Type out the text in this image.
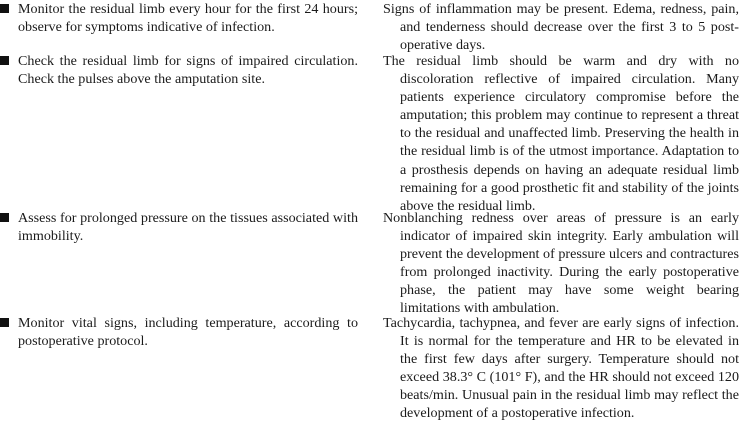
Monitor the residual limb every hour for the first 24 hours; observe for symptoms indicative of infection.

Signs of inflammation may be present. Edema, redness, pain, and tenderness should decrease over the first 3 to 5 post-operative days.

Check the residual limb for signs of impaired circulation. Check the pulses above the amputation site.

The residual limb should be warm and dry with no discoloration reflective of impaired circulation. Many patients experience circulatory compromise before the amputation; this problem may continue to represent a threat to the residual and unaffected limb. Preserving the health in the residual limb is of the utmost importance. Adaptation to a prosthesis depends on having an adequate residual limb remaining for a good prosthetic fit and stability of the joints above the residual limb.

Assess for prolonged pressure on the tissues associated with immobility.

Nonblanching redness over areas of pressure is an early indicator of impaired skin integrity. Early ambulation will prevent the development of pressure ulcers and contractures from prolonged inactivity. During the early postoperative phase, the patient may have some weight bearing limitations with ambulation.

Monitor vital signs, including temperature, according to postoperative protocol.

Tachycardia, tachypnea, and fever are early signs of infection. It is normal for the temperature and HR to be elevated in the first few days after surgery. Temperature should not exceed 38.3° C (101° F), and the HR should not exceed 120 beats/min. Unusual pain in the residual limb may reflect the development of a postoperative infection.
